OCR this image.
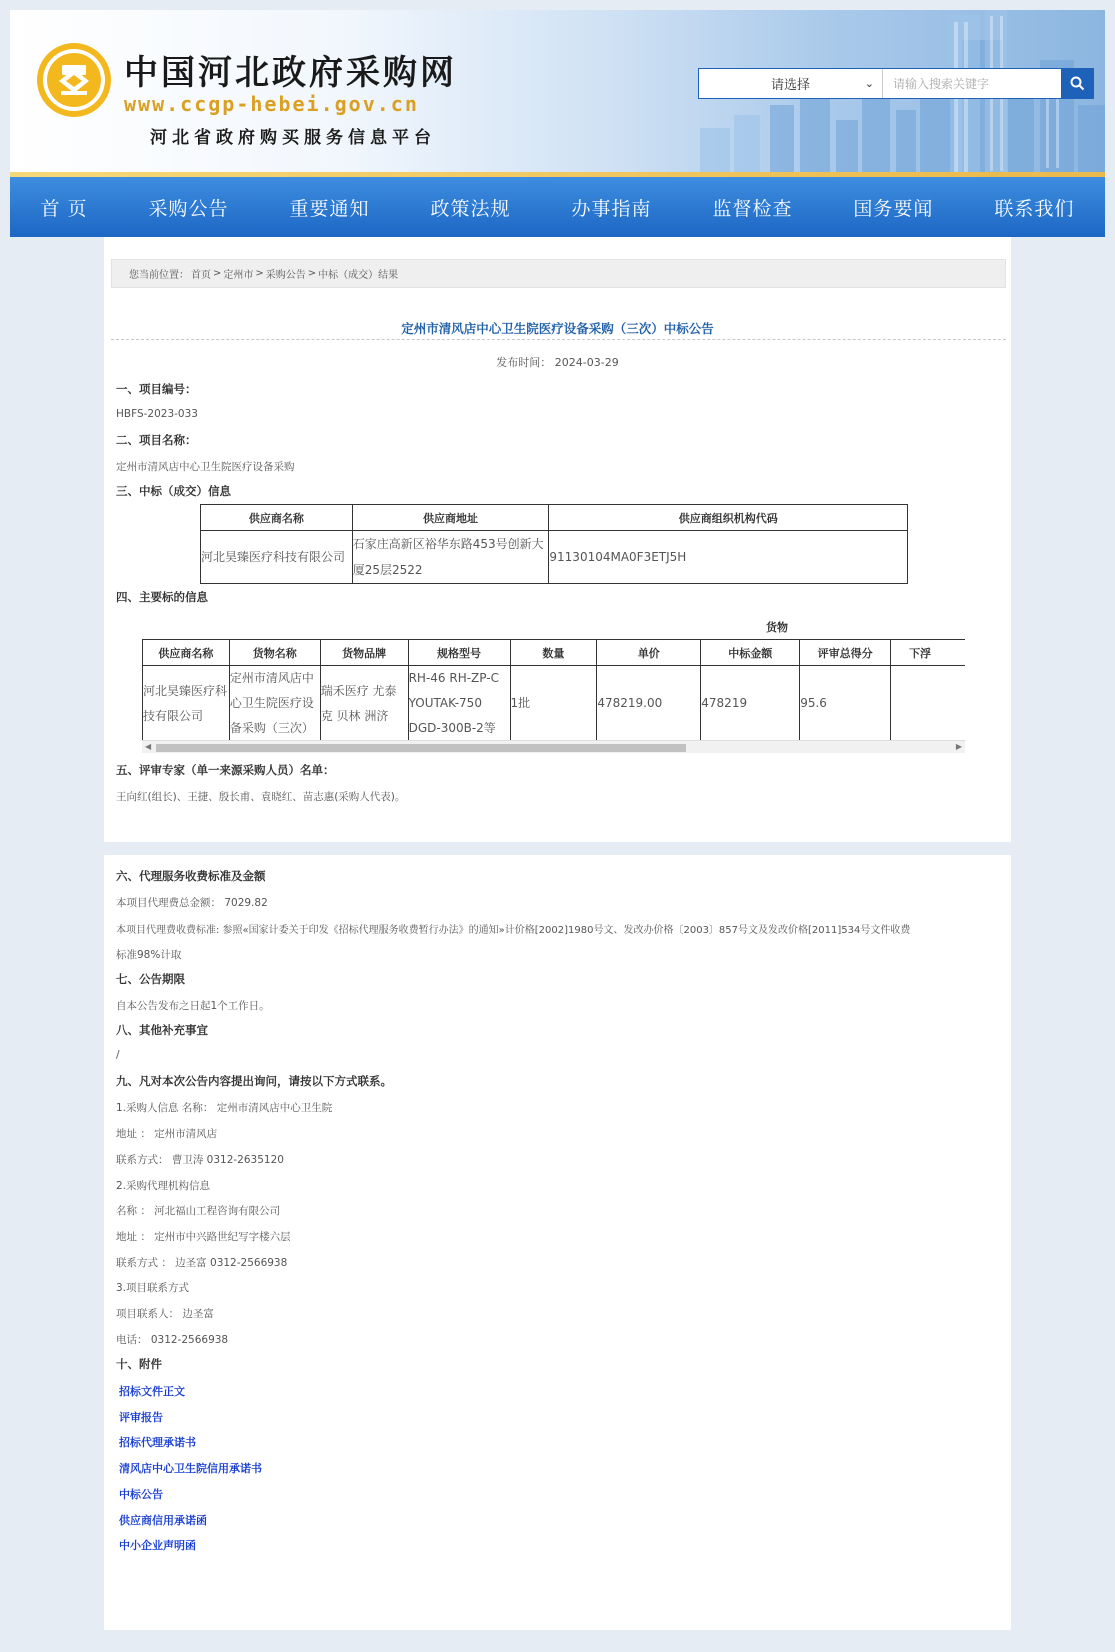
中国河北政府采购网
www.ccgp-hebei.gov.cn
河北省政府购买服务信息平台
请选择	⌄
请输入搜索关键字
首 页	采购公告	重要通知	政策法规	办事指南	监督检查	国务要闻	联系我们
您当前位置： 首页 > 定州市 > 采购公告 > 中标（成交）结果
定州市清风店中心卫生院医疗设备采购（三次）中标公告
发布时间： 2024-03-29
一、项目编号：
HBFS-2023-033
二、项目名称：
定州市清风店中心卫生院医疗设备采购
三、中标（成交）信息
供应商名称	供应商地址	供应商组织机构代码
河北昊臻医疗科技有限公司	石家庄高新区裕华东路453号创新大厦25层2522	91130104MA0F3ETJ5H
四、主要标的信息
货物
供应商名称	货物名称	货物品牌	规格型号	数量	单价	中标金额	评审总得分	下浮
河北昊臻医疗科技有限公司	定州市清风店中心卫生院医疗设备采购（三次）	瑞禾医疗 尤泰克 贝林 洲济	RH-46 RH-ZP-C YOUTAK-750 DGD-300B-2等	1批	478219.00	478219	95.6	
◀	▶
五、评审专家（单一来源采购人员）名单：
王向红(组长)、王捷、殷长甫、袁晓红、苗志惠(采购人代表)。
六、代理服务收费标准及金额
本项目代理费总金额： 7029.82
本项目代理费收费标准: 参照«国家计委关于印发《招标代理服务收费暂行办法》的通知»计价格[2002]1980号文、发改办价格〔2003〕857号文及发改价格[2011]534号文件收费
标准98%计取
七、公告期限
自本公告发布之日起1个工作日。
八、其他补充事宜
/
九、凡对本次公告内容提出询问，请按以下方式联系。
1.采购人信息 名称： 定州市清风店中心卫生院
地址 ： 定州市清风店
联系方式： 曹卫涛 0312-2635120
2.采购代理机构信息
名称 ： 河北福山工程咨询有限公司
地址 ： 定州市中兴路世纪写字楼六层
联系方式 ： 边圣富 0312-2566938
3.项目联系方式
项目联系人： 边圣富
电话： 0312-2566938
十、附件
招标文件正文
评审报告
招标代理承诺书
清风店中心卫生院信用承诺书
中标公告
供应商信用承诺函
中小企业声明函
